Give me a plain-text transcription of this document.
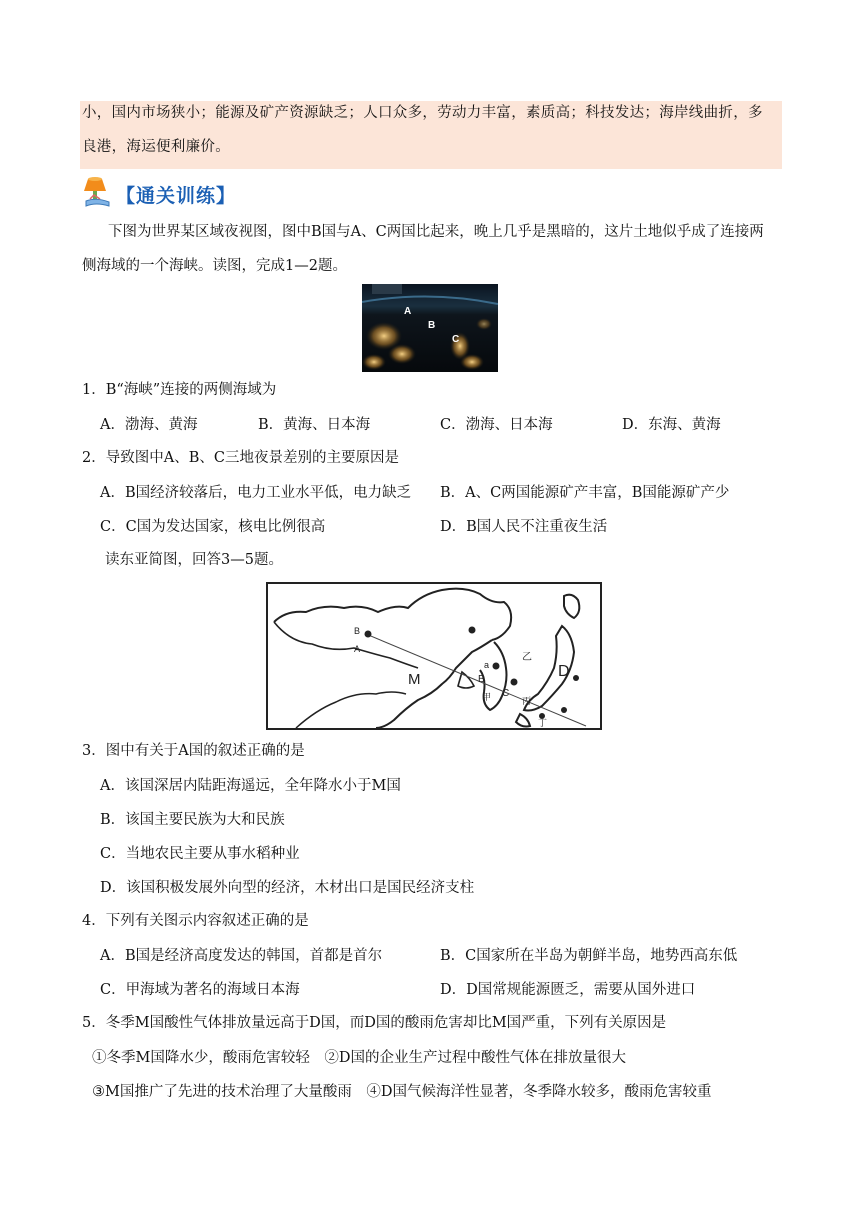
小，国内市场狭小；能源及矿产资源缺乏；人口众多，劳动力丰富，素质高；科技发达；海岸线曲折，多
良港，海运便利廉价。
【通关训练】
下图为世界某区域夜视图，图中B国与A、C两国比起来，晚上几乎是黑暗的，这片土地似乎成了连接两
侧海域的一个海峡。读图，完成1—2题。
A
B
C
1．B“海峡”连接的两侧海域为
A．渤海、黄海	B．黄海、日本海	C．渤海、日本海	D．东海、黄海
2．导致图中A、B、C三地夜景差别的主要原因是
A．B国经济较落后，电力工业水平低，电力缺乏 B．A、C两国能源矿产丰富，B国能源矿产少
C．C国为发达国家，核电比例很高	D．B国人民不注重夜生活
读东亚简图，回答3—5题。
B
A
a
B
C
乙
甲	丙
丁
D
M
3．图中有关于A国的叙述正确的是
A．该国深居内陆距海遥远，全年降水小于M国
B．该国主要民族为大和民族
C．当地农民主要从事水稻种业
D．该国积极发展外向型的经济，木材出口是国民经济支柱
4．下列有关图示内容叙述正确的是
A．B国是经济高度发达的韩国，首都是首尔	B．C国家所在半岛为朝鲜半岛，地势西高东低
C．甲海域为著名的海域日本海	D．D国常规能源匮乏，需要从国外进口
5．冬季M国酸性气体排放量远高于D国，而D国的酸雨危害却比M国严重，下列有关原因是
①冬季M国降水少，酸雨危害较轻　②D国的企业生产过程中酸性气体在排放量很大
③M国推广了先进的技术治理了大量酸雨　④D国气候海洋性显著，冬季降水较多，酸雨危害较重
